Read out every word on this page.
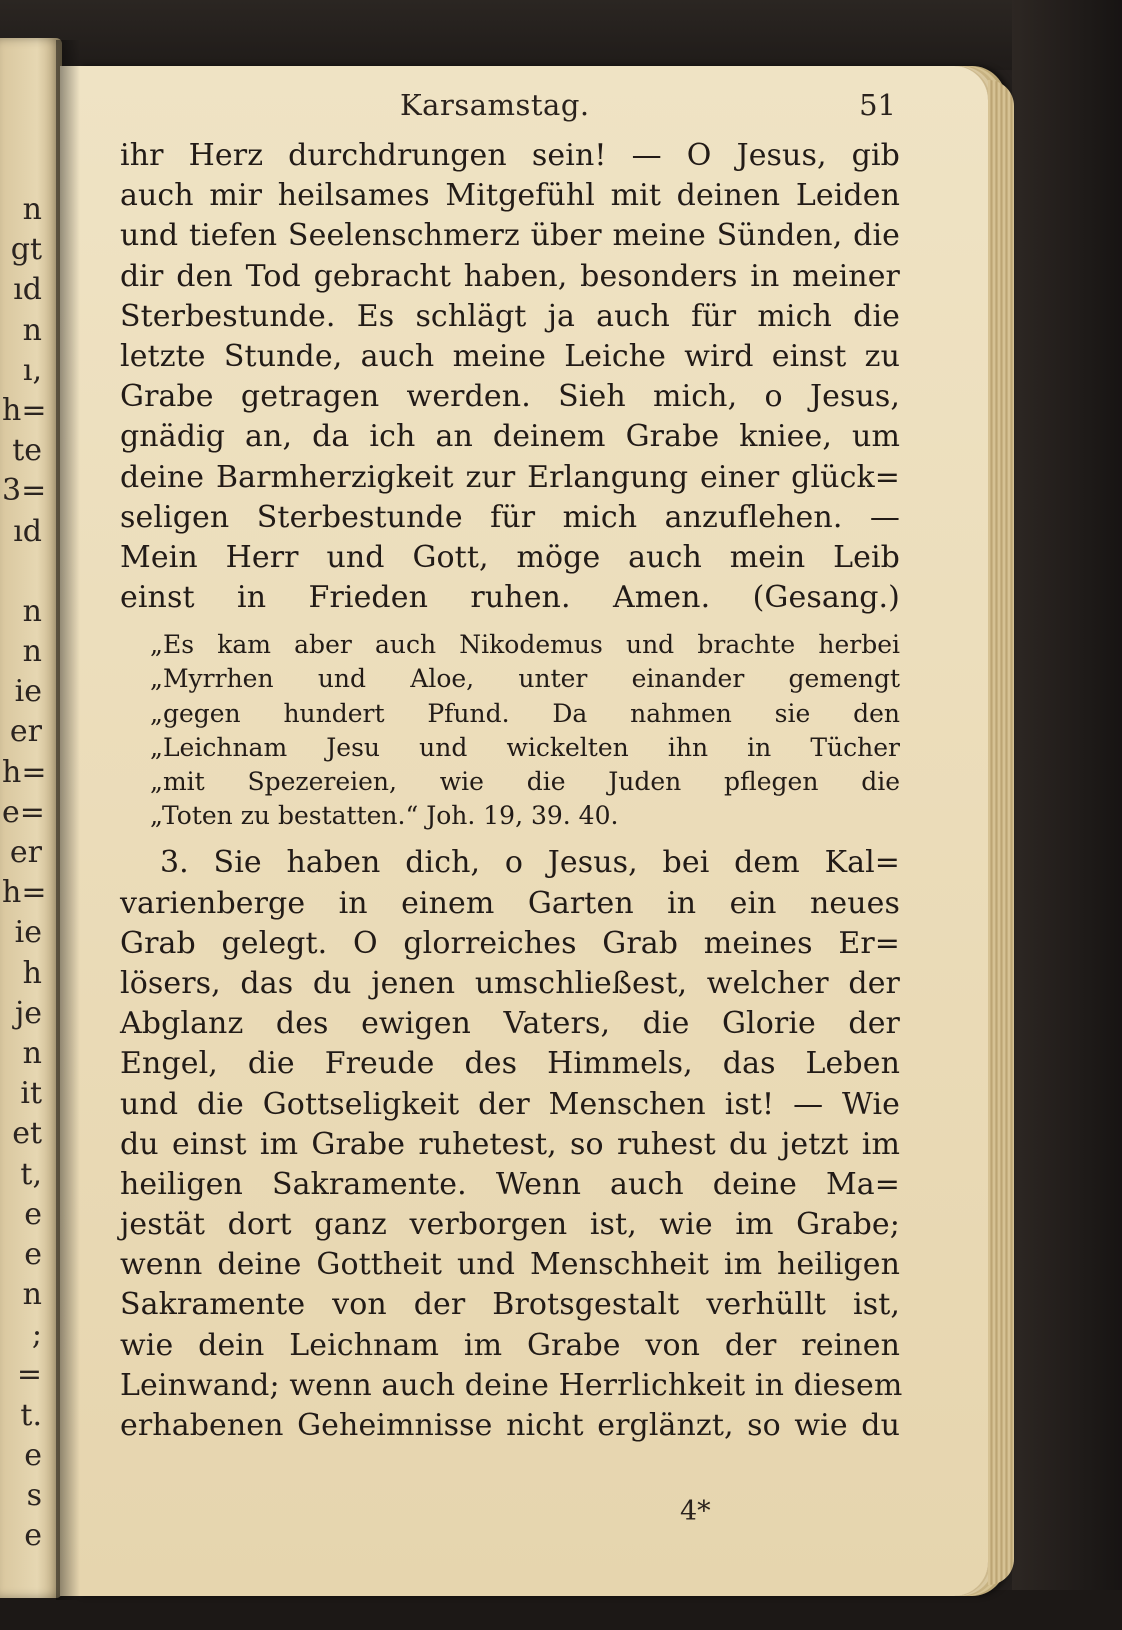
n
gt
ıd
n
ı,
h=
te
3=
ıd
n
n
ie
er
h=
e=
er
h=
ie
h
je
n
it
et
t,
e
e
n
;
=
t.
e
s
e
Karsamstag.	51
ihr Herz durchdrungen sein! — O Jesus, gib
auch mir heilsames Mitgefühl mit deinen Leiden
und tiefen Seelenschmerz über meine Sünden, die
dir den Tod gebracht haben, besonders in meiner
Sterbestunde. Es schlägt ja auch für mich die
letzte Stunde, auch meine Leiche wird einst zu
Grabe getragen werden. Sieh mich, o Jesus,
gnädig an, da ich an deinem Grabe kniee, um
deine Barmherzigkeit zur Erlangung einer glück=
seligen Sterbestunde für mich anzuflehen. —
Mein Herr und Gott, möge auch mein Leib
einst in Frieden ruhen. Amen. (Gesang.)
„Es kam aber auch Nikodemus und brachte herbei
„Myrrhen und Aloe, unter einander gemengt
„gegen hundert Pfund. Da nahmen sie den
„Leichnam Jesu und wickelten ihn in Tücher
„mit Spezereien, wie die Juden pflegen die
„Toten zu bestatten.“ Joh. 19, 39. 40.
3. Sie haben dich, o Jesus, bei dem Kal=
varienberge in einem Garten in ein neues
Grab gelegt. O glorreiches Grab meines Er=
lösers, das du jenen umschließest, welcher der
Abglanz des ewigen Vaters, die Glorie der
Engel, die Freude des Himmels, das Leben
und die Gottseligkeit der Menschen ist! — Wie
du einst im Grabe ruhetest, so ruhest du jetzt im
heiligen Sakramente. Wenn auch deine Ma=
jestät dort ganz verborgen ist, wie im Grabe;
wenn deine Gottheit und Menschheit im heiligen
Sakramente von der Brotsgestalt verhüllt ist,
wie dein Leichnam im Grabe von der reinen
Leinwand; wenn auch deine Herrlichkeit in diesem
erhabenen Geheimnisse nicht erglänzt, so wie du
4*
